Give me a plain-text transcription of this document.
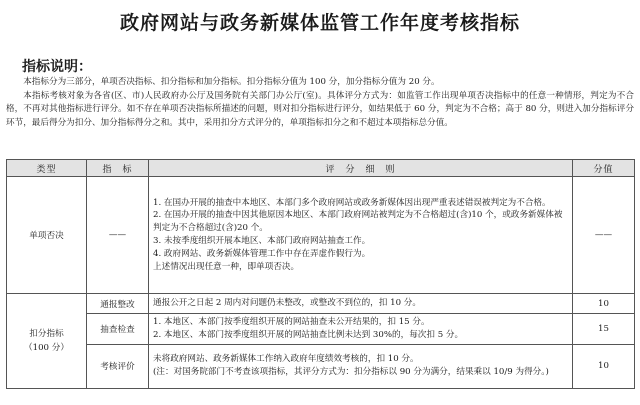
政府网站与政务新媒体监管工作年度考核指标
指标说明：

本指标分为三部分，单项否决指标、扣分指标和加分指标。扣分指标分值为 100 分，加分指标分值为 20 分。

本指标考核对象为各省(区、市)人民政府办公厅及国务院有关部门办公厅(室)。具体评分方式为：如监管工作出现单项否决指标中的任意一种情形，判定为不合格，不再对其他指标进行评分。如不存在单项否决指标所描述的问题，则对扣分指标进行评分，如结果低于 60 分，判定为不合格；高于 80 分，则进入加分指标评分环节，最后得分为扣分、加分指标得分之和。其中，采用扣分方式评分的，单项指标扣分之和不超过本项指标总分值。

类型	指　标	评　分　细　则	分值
单项否决	——	1. 在国办开展的抽查中本地区、本部门多个政府网站或政务新媒体因出现严重表述错误被判定为不合格。
2. 在国办开展的抽查中因其他原因本地区、本部门政府网站被判定为不合格超过(含)10 个，或政务新媒体被判定为不合格超过(含)20 个。
3. 未按季度组织开展本地区、本部门政府网站抽查工作。
4. 政府网站、政务新媒体管理工作中存在弄虚作假行为。
上述情况出现任意一种，即单项否决。	——

扣分指标
（100 分）	通报整改	通报公开之日起 2 周内对问题仍未整改，或整改不到位的，扣 10 分。	10
	抽查检查	1. 本地区、本部门按季度组织开展的网站抽查未公开结果的，扣 15 分。
2. 本地区、本部门按季度组织开展的网站抽查比例未达到 30%的，每次扣 5 分。	15
	考核评价	未将政府网站、政务新媒体工作纳入政府年度绩效考核的，扣 10 分。
(注：对国务院部门不考查该项指标，其评分方式为：扣分指标以 90 分为满分，结果乘以 10/9 为得分。)	10
